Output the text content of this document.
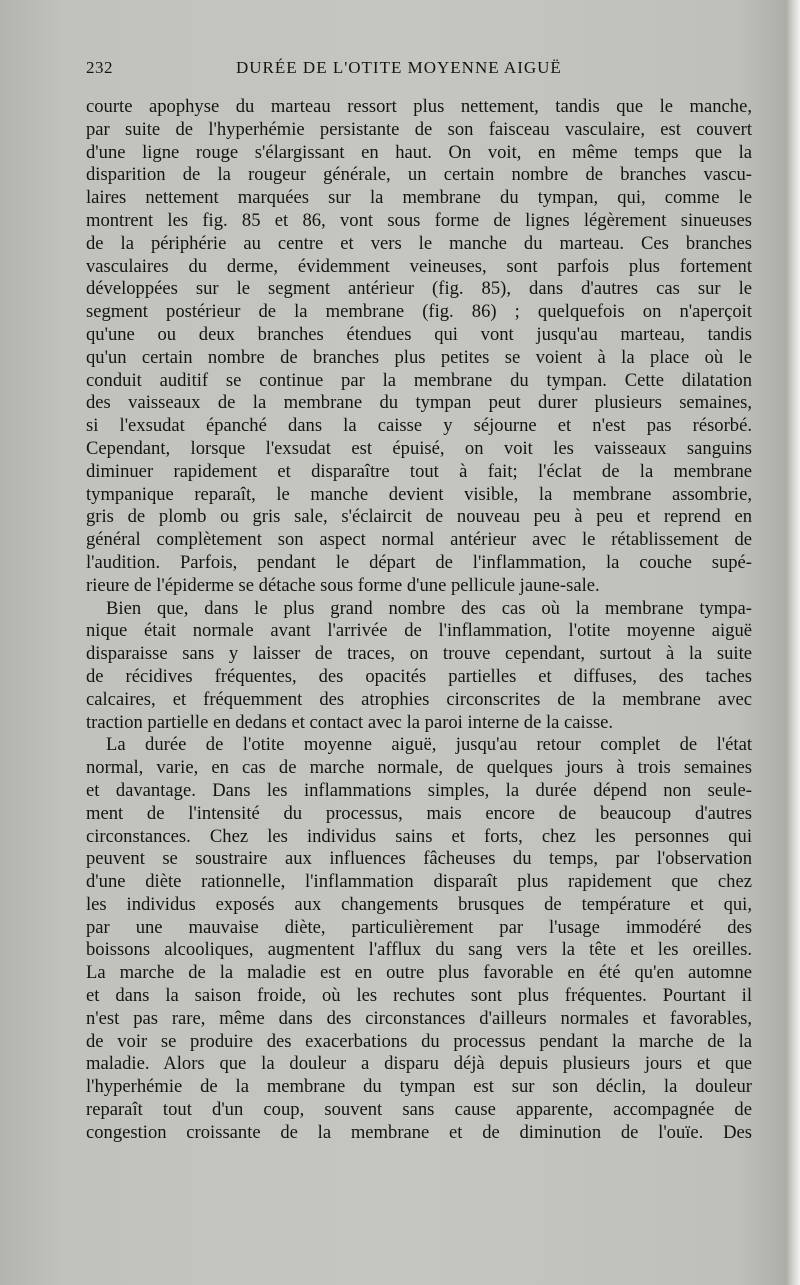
232	DURÉE DE L'OTITE MOYENNE AIGUË
courte apophyse du marteau ressort plus nettement, tandis que le manche,
par suite de l'hyperhémie persistante de son faisceau vasculaire, est couvert
d'une ligne rouge s'élargissant en haut. On voit, en même temps que la
disparition de la rougeur générale, un certain nombre de branches vascu-
laires nettement marquées sur la membrane du tympan, qui, comme le
montrent les fig. 85 et 86, vont sous forme de lignes légèrement sinueuses
de la périphérie au centre et vers le manche du marteau. Ces branches
vasculaires du derme, évidemment veineuses, sont parfois plus fortement
développées sur le segment antérieur (fig. 85), dans d'autres cas sur le
segment postérieur de la membrane (fig. 86) ; quelquefois on n'aperçoit
qu'une ou deux branches étendues qui vont jusqu'au marteau, tandis
qu'un certain nombre de branches plus petites se voient à la place où le
conduit auditif se continue par la membrane du tympan. Cette dilatation
des vaisseaux de la membrane du tympan peut durer plusieurs semaines,
si l'exsudat épanché dans la caisse y séjourne et n'est pas résorbé.
Cependant, lorsque l'exsudat est épuisé, on voit les vaisseaux sanguins
diminuer rapidement et disparaître tout à fait; l'éclat de la membrane
tympanique reparaît, le manche devient visible, la membrane assombrie,
gris de plomb ou gris sale, s'éclaircit de nouveau peu à peu et reprend en
général complètement son aspect normal antérieur avec le rétablissement de
l'audition. Parfois, pendant le départ de l'inflammation, la couche supé-
rieure de l'épiderme se détache sous forme d'une pellicule jaune-sale.
Bien que, dans le plus grand nombre des cas où la membrane tympa-
nique était normale avant l'arrivée de l'inflammation, l'otite moyenne aiguë
disparaisse sans y laisser de traces, on trouve cependant, surtout à la suite
de récidives fréquentes, des opacités partielles et diffuses, des taches
calcaires, et fréquemment des atrophies circonscrites de la membrane avec
traction partielle en dedans et contact avec la paroi interne de la caisse.
La durée de l'otite moyenne aiguë, jusqu'au retour complet de l'état
normal, varie, en cas de marche normale, de quelques jours à trois semaines
et davantage. Dans les inflammations simples, la durée dépend non seule-
ment de l'intensité du processus, mais encore de beaucoup d'autres
circonstances. Chez les individus sains et forts, chez les personnes qui
peuvent se soustraire aux influences fâcheuses du temps, par l'observation
d'une diète rationnelle, l'inflammation disparaît plus rapidement que chez
les individus exposés aux changements brusques de température et qui,
par une mauvaise diète, particulièrement par l'usage immodéré des
boissons alcooliques, augmentent l'afflux du sang vers la tête et les oreilles.
La marche de la maladie est en outre plus favorable en été qu'en automne
et dans la saison froide, où les rechutes sont plus fréquentes. Pourtant il
n'est pas rare, même dans des circonstances d'ailleurs normales et favorables,
de voir se produire des exacerbations du processus pendant la marche de la
maladie. Alors que la douleur a disparu déjà depuis plusieurs jours et que
l'hyperhémie de la membrane du tympan est sur son déclin, la douleur
reparaît tout d'un coup, souvent sans cause apparente, accompagnée de
congestion croissante de la membrane et de diminution de l'ouïe. Des
